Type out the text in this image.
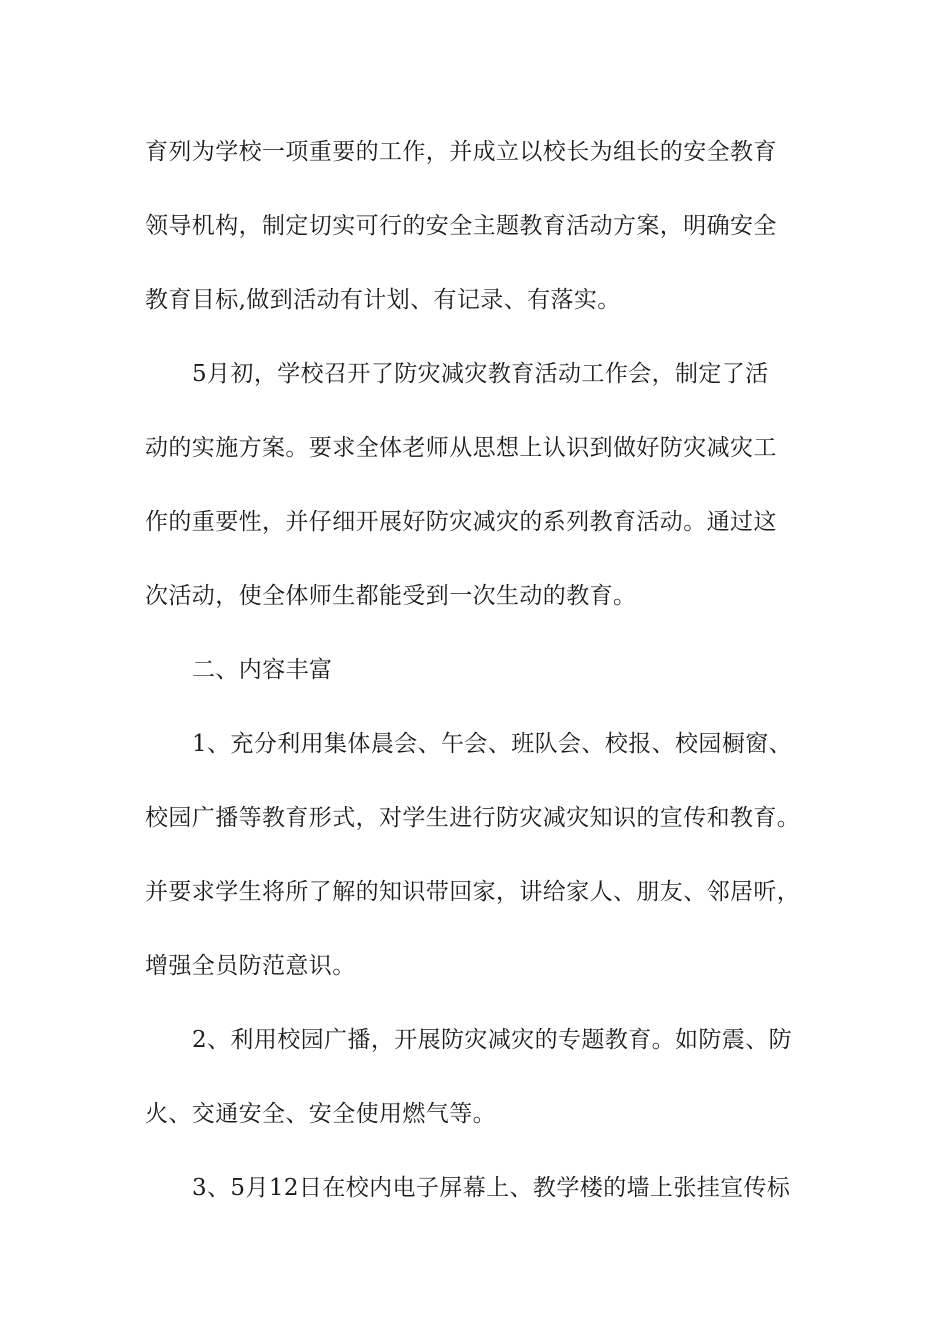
育列为学校一项重要的工作，并成立以校长为组长的安全教育
领导机构，制定切实可行的安全主题教育活动方案，明确安全
教育目标,做到活动有计划、有记录、有落实。
5月初，学校召开了防灾减灾教育活动工作会，制定了活
动的实施方案。要求全体老师从思想上认识到做好防灾减灾工
作的重要性，并仔细开展好防灾减灾的系列教育活动。通过这
次活动，使全体师生都能受到一次生动的教育。
二、内容丰富
1、充分利用集体晨会、午会、班队会、校报、校园橱窗、
校园广播等教育形式，对学生进行防灾减灾知识的宣传和教育。
并要求学生将所了解的知识带回家，讲给家人、朋友、邻居听，
增强全员防范意识。
2、利用校园广播，开展防灾减灾的专题教育。如防震、防
火、交通安全、安全使用燃气等。
3、5月12日在校内电子屏幕上、教学楼的墙上张挂宣传标
